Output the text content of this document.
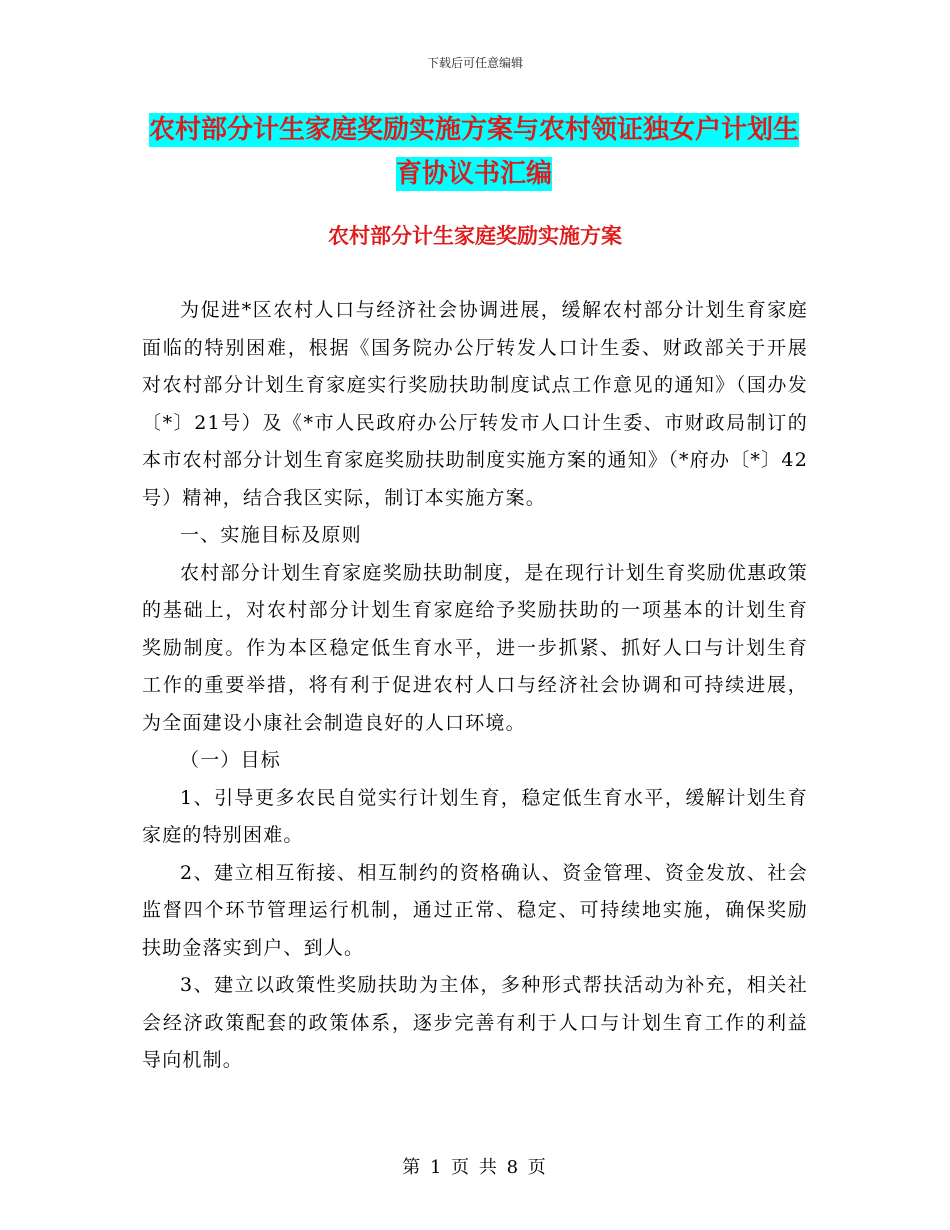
下载后可任意编辑
农村部分计生家庭奖励实施方案与农村领证独女户计划生育协议书汇编
农村部分计生家庭奖励实施方案

为促进*区农村人口与经济社会协调进展，缓解农村部分计划生育家庭面临的特别困难，根据《国务院办公厅转发人口计生委、财政部关于开展对农村部分计划生育家庭实行奖励扶助制度试点工作意见的通知》（国办发〔*〕21号）及《*市人民政府办公厅转发市人口计生委、市财政局制订的本市农村部分计划生育家庭奖励扶助制度实施方案的通知》（*府办〔*〕42号）精神，结合我区实际，制订本实施方案。

一、实施目标及原则

农村部分计划生育家庭奖励扶助制度，是在现行计划生育奖励优惠政策的基础上，对农村部分计划生育家庭给予奖励扶助的一项基本的计划生育奖励制度。作为本区稳定低生育水平，进一步抓紧、抓好人口与计划生育工作的重要举措，将有利于促进农村人口与经济社会协调和可持续进展，为全面建设小康社会制造良好的人口环境。

（一）目标

1、引导更多农民自觉实行计划生育，稳定低生育水平，缓解计划生育家庭的特别困难。

2、建立相互衔接、相互制约的资格确认、资金管理、资金发放、社会监督四个环节管理运行机制，通过正常、稳定、可持续地实施，确保奖励扶助金落实到户、到人。

3、建立以政策性奖励扶助为主体，多种形式帮扶活动为补充，相关社会经济政策配套的政策体系，逐步完善有利于人口与计划生育工作的利益导向机制。

第 1 页 共 8 页
